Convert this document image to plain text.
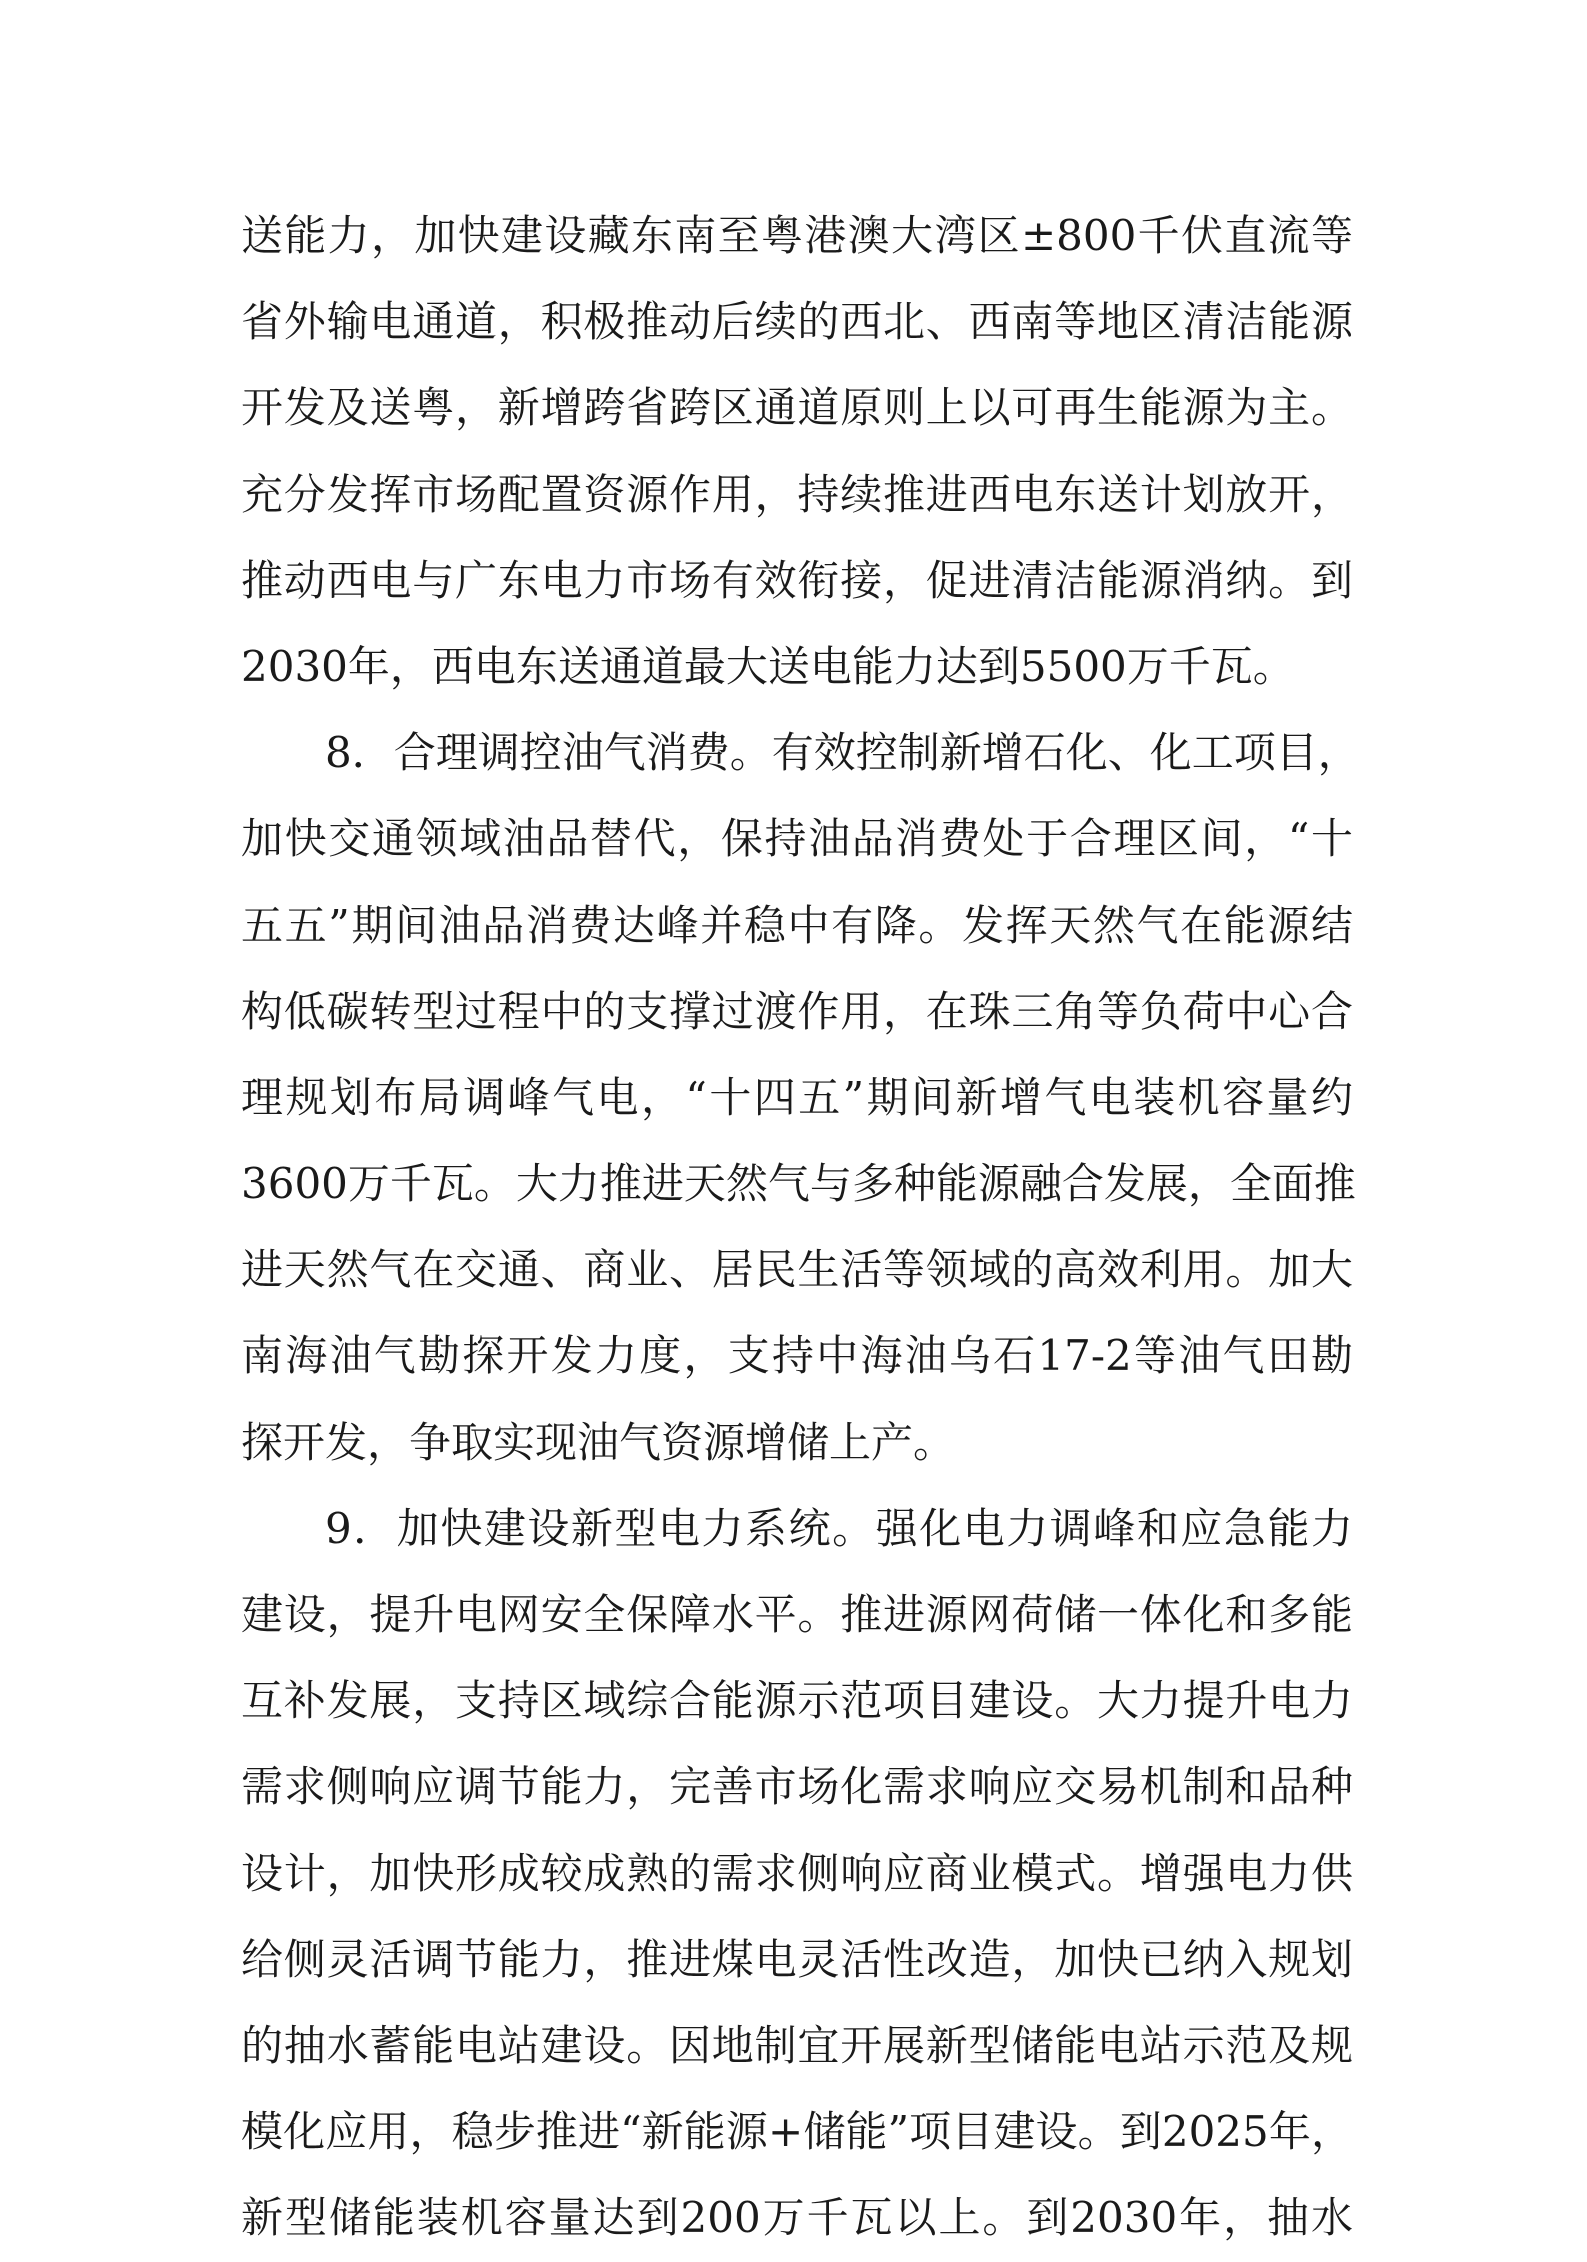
送能力，加快建设藏东南至粤港澳大湾区±800千伏直流等
省外输电通道，积极推动后续的西北、西南等地区清洁能源
开发及送粤，新增跨省跨区通道原则上以可再生能源为主。
充分发挥市场配置资源作用，持续推进西电东送计划放开，
推动西电与广东电力市场有效衔接，促进清洁能源消纳。到
2030年，西电东送通道最大送电能力达到5500万千瓦。
8．合理调控油气消费。有效控制新增石化、化工项目，
加快交通领域油品替代，保持油品消费处于合理区间，“十
五五”期间油品消费达峰并稳中有降。发挥天然气在能源结
构低碳转型过程中的支撑过渡作用，在珠三角等负荷中心合
理规划布局调峰气电，“十四五”期间新增气电装机容量约
3600万千瓦。大力推进天然气与多种能源融合发展，全面推
进天然气在交通、商业、居民生活等领域的高效利用。加大
南海油气勘探开发力度，支持中海油乌石17-2等油气田勘
探开发，争取实现油气资源增储上产。
9．加快建设新型电力系统。强化电力调峰和应急能力
建设，提升电网安全保障水平。推进源网荷储一体化和多能
互补发展，支持区域综合能源示范项目建设。大力提升电力
需求侧响应调节能力，完善市场化需求响应交易机制和品种
设计，加快形成较成熟的需求侧响应商业模式。增强电力供
给侧灵活调节能力，推进煤电灵活性改造，加快已纳入规划
的抽水蓄能电站建设。因地制宜开展新型储能电站示范及规
模化应用，稳步推进“新能源+储能”项目建设。到2025年，
新型储能装机容量达到200万千瓦以上。到2030年，抽水
